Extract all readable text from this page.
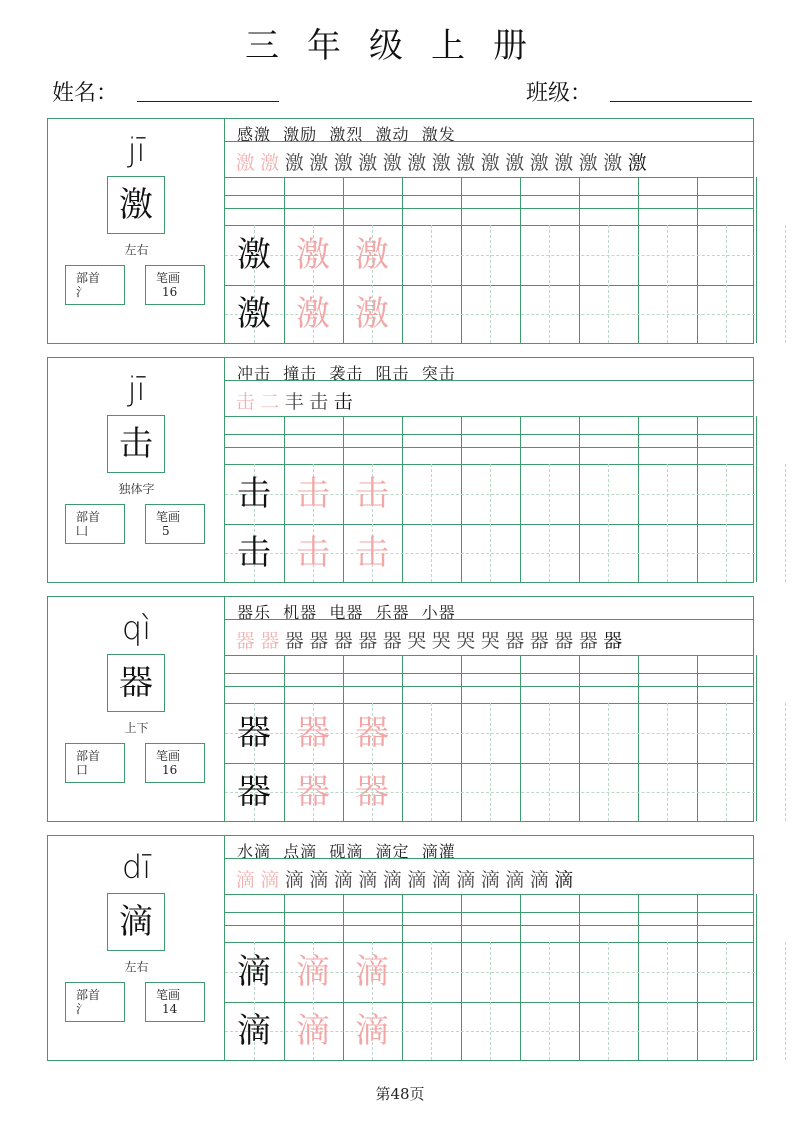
三年级上册
姓名：	班级：
jī
激
左右
部首
氵
笔画
16
感激  激励  激烈  激动  激发
激 激 激 激 激 激 激 激 激 激 激 激 激 激 激 激 激
激 激 激
激 激 激
jī
击
独体字
部首
凵
笔画
5
冲击  撞击  袭击  阻击  突击
击 二 丰 击 击
击 击 击
击 击 击
qì
器
上下
部首
口
笔画
16
器乐  机器  电器  乐器  小器
器 器 器 器 器 器 器 哭 哭 哭 哭 器 器 器 器 器
器 器 器
器 器 器
dī
滴
左右
部首
氵
笔画
14
水滴  点滴  砚滴  滴定  滴灌
滴 滴 滴 滴 滴 滴 滴 滴 滴 滴 滴 滴 滴 滴
滴 滴 滴
滴 滴 滴
第48页
